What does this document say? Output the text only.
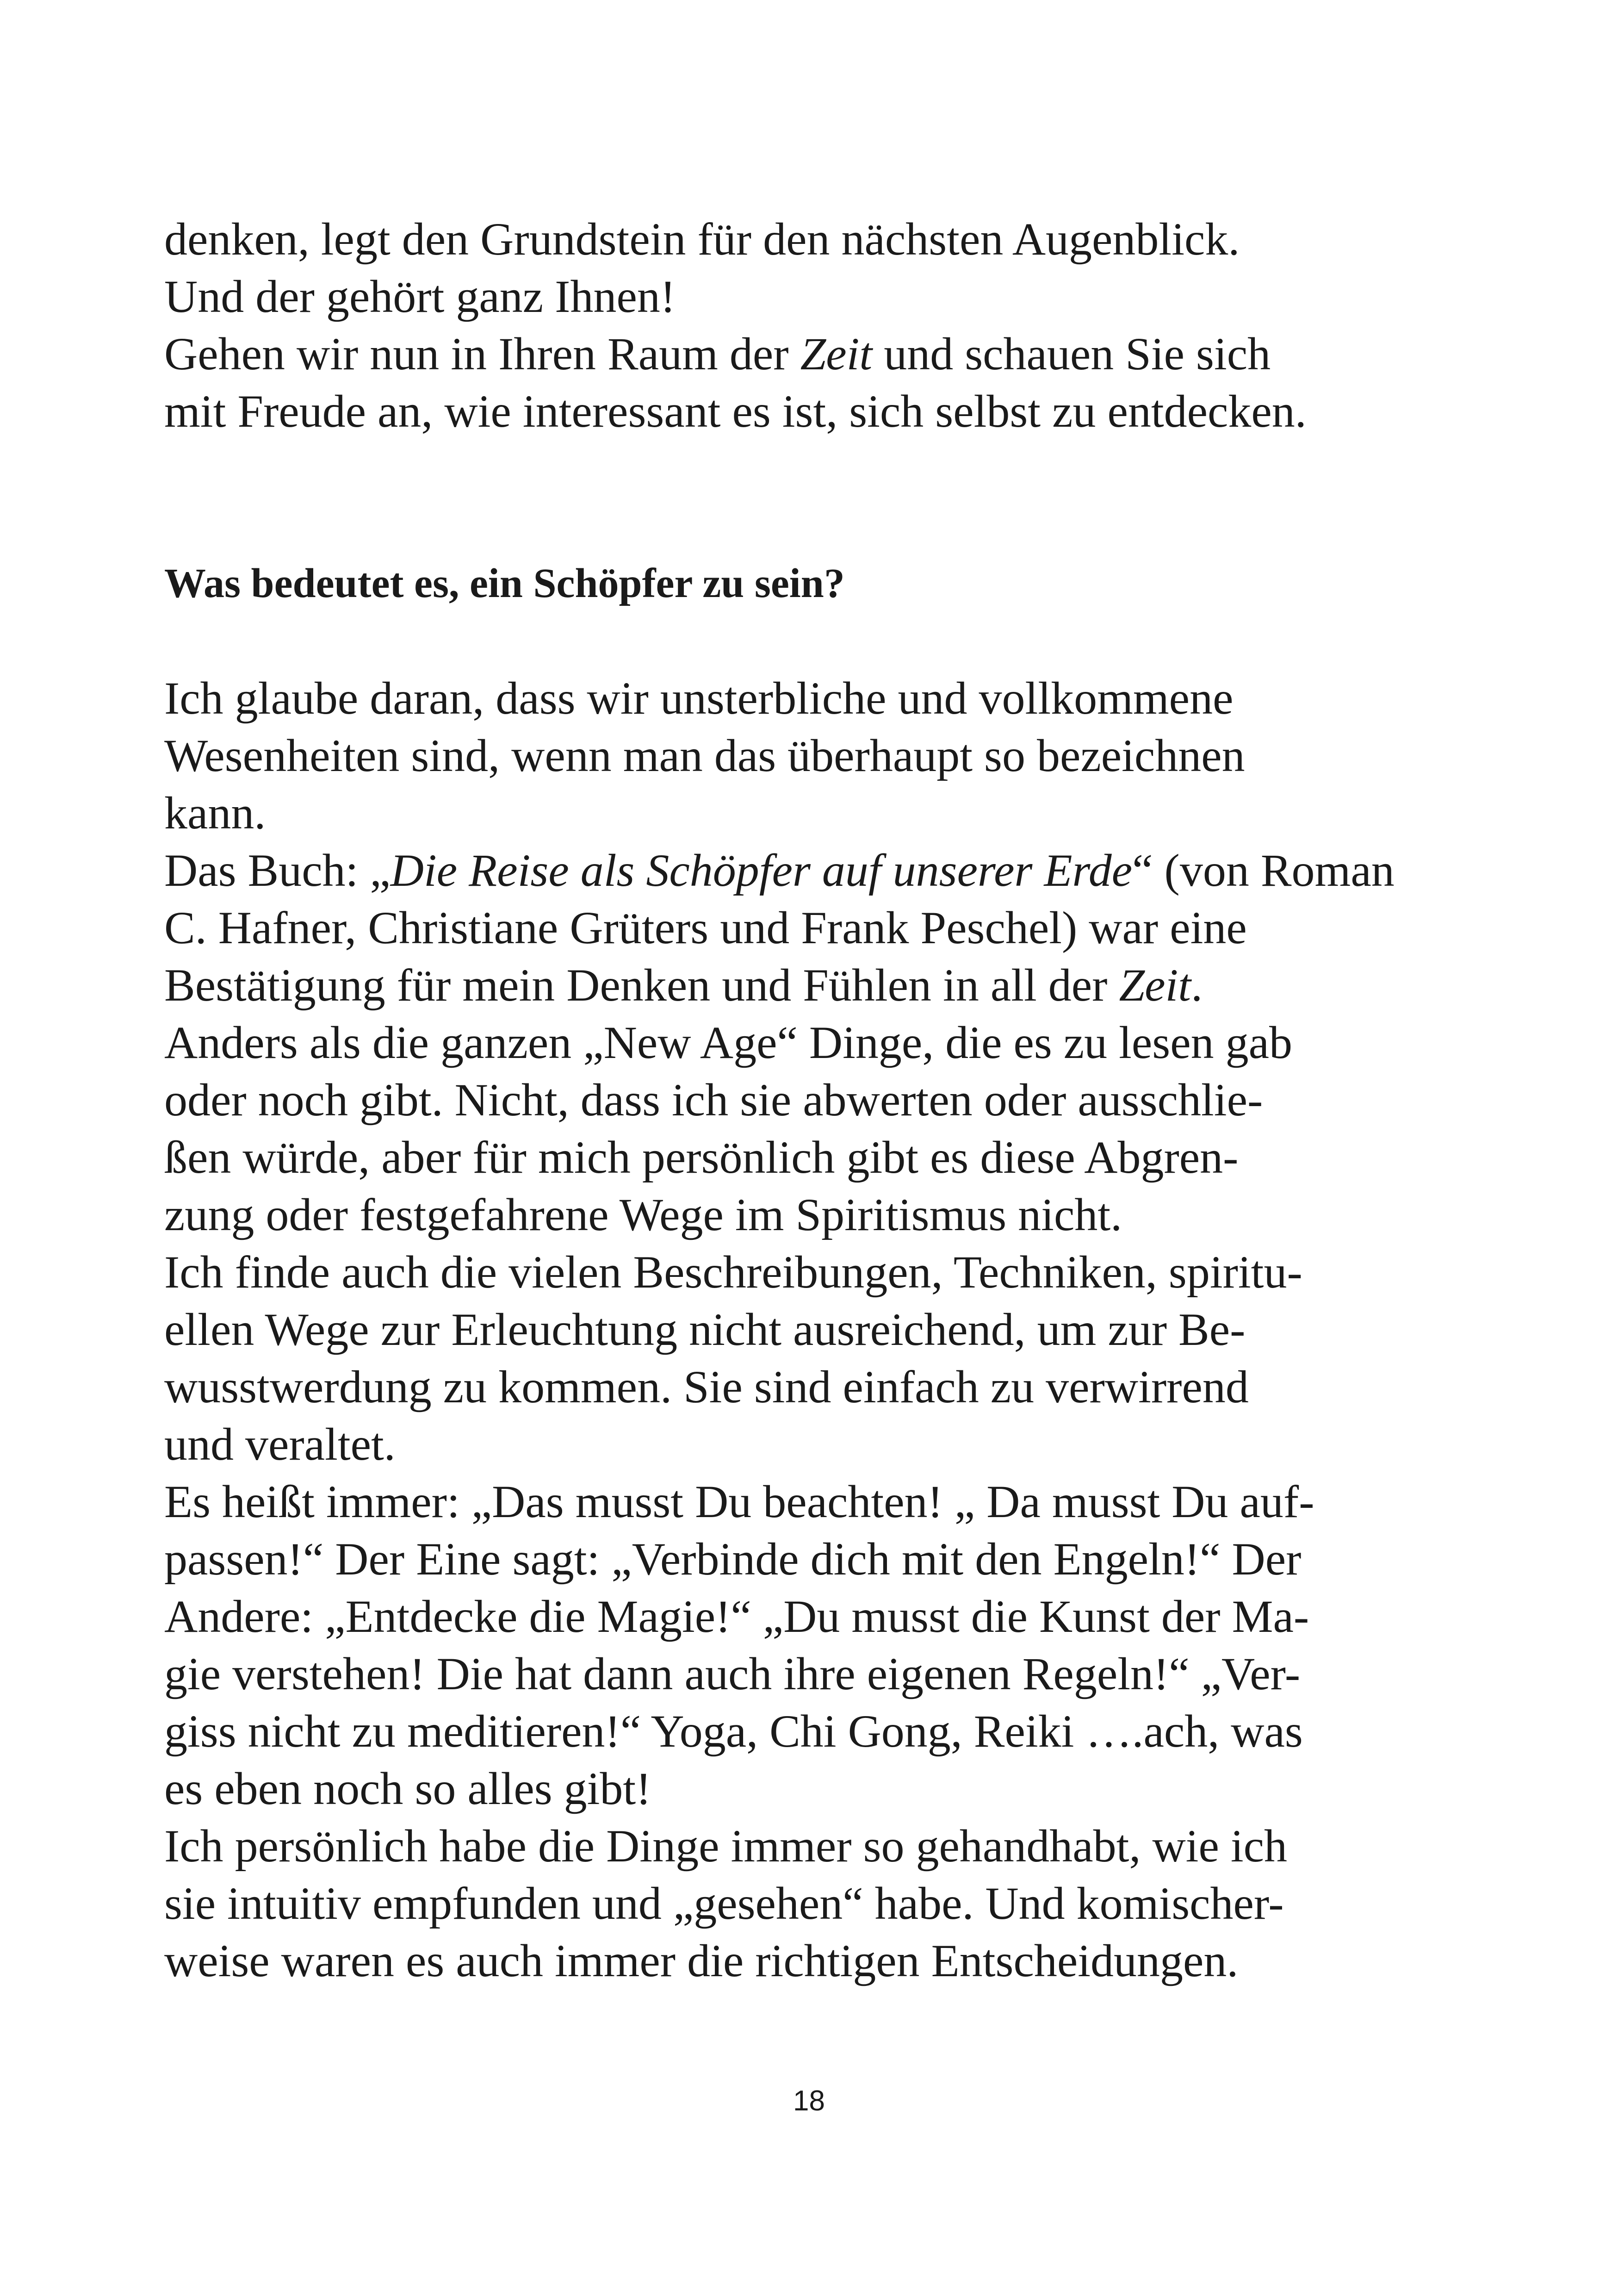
denken, legt den Grundstein für den nächsten Augenblick.
Und der gehört ganz Ihnen!
Gehen wir nun in Ihren Raum der Zeit und schauen Sie sich
mit Freude an, wie interessant es ist, sich selbst zu entdecken.
Was bedeutet es, ein Schöpfer zu sein?
Ich glaube daran, dass wir unsterbliche und vollkommene
Wesenheiten sind, wenn man das überhaupt so bezeichnen
kann.
Das Buch: „Die Reise als Schöpfer auf unserer Erde“ (von Roman
C. Hafner, Christiane Grüters und Frank Peschel) war eine
Bestätigung für mein Denken und Fühlen in all der Zeit.
Anders als die ganzen „New Age“ Dinge, die es zu lesen gab
oder noch gibt. Nicht, dass ich sie abwerten oder ausschlie-
ßen würde, aber für mich persönlich gibt es diese Abgren-
zung oder festgefahrene Wege im Spiritismus nicht.
Ich finde auch die vielen Beschreibungen, Techniken, spiritu-
ellen Wege zur Erleuchtung nicht ausreichend, um zur Be-
wusstwerdung zu kommen. Sie sind einfach zu verwirrend
und veraltet.
Es heißt immer: „Das musst Du beachten! „ Da musst Du auf-
passen!“ Der Eine sagt: „Verbinde dich mit den Engeln!“ Der
Andere: „Entdecke die Magie!“ „Du musst die Kunst der Ma-
gie verstehen! Die hat dann auch ihre eigenen Regeln!“ „Ver-
giss nicht zu meditieren!“ Yoga, Chi Gong, Reiki ….ach, was
es eben noch so alles gibt!
Ich persönlich habe die Dinge immer so gehandhabt, wie ich
sie intuitiv empfunden und „gesehen“ habe. Und komischer-
weise waren es auch immer die richtigen Entscheidungen.
18
